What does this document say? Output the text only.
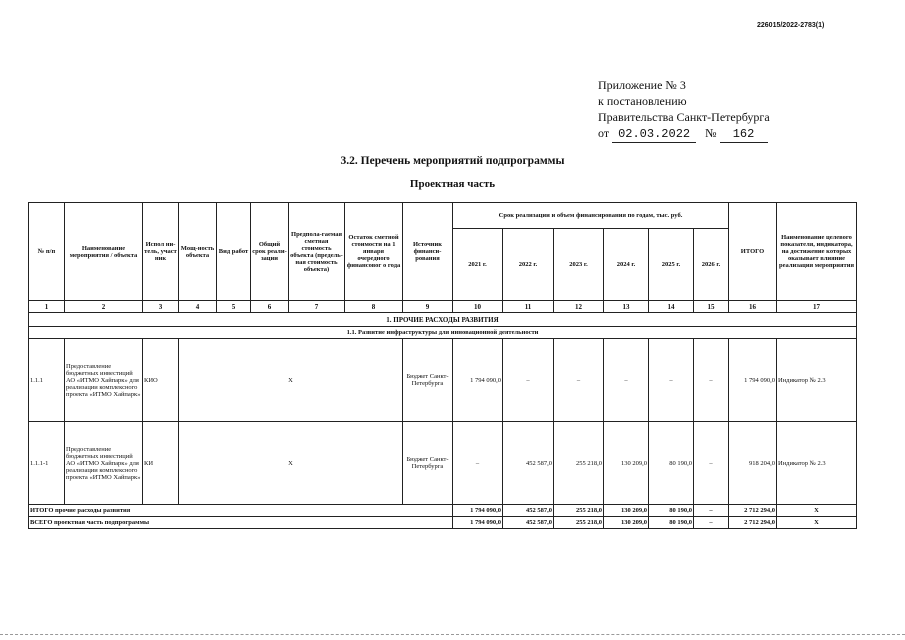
226015/2022-2783(1)
Приложение № 3
к постановлению
Правительства Санкт-Петербурга
от 02.03.2022 № 162
3.2. Перечень мероприятий подпрограммы
Проектная часть
№ п/п	Наименование мероприятия / объекта	Испол ни-тель, участ ник	Мощ-ность объекта	Вид работ	Общий срок реали-зации	Предпола-гаемая сметная стоимость объекта (предель-ная стоимость объекта)	Остаток сметной стоимости на 1 января очередного финансовог о года	Источник финанси-рования	Срок реализации и объем финансирования по годам, тыс. руб.						ИТОГО	Наименование целевого показателя, индикатора, на достижение которых оказывает влияние реализация мероприятия
									2021 г.	2022 г.	2023 г.	2024 г.	2025 г.	2026 г.		
1	2	3	4	5	6	7	8	9	10	11	12	13	14	15	16	17
1. ПРОЧИЕ РАСХОДЫ РАЗВИТИЯ																
1.1. Развитие инфраструктуры для инновационной деятельности																
1.1.1	Предоставление бюджетных инвестиций АО «ИТМО Хайпарк» для реализации комплексного проекта «ИТМО Хайпарк»	КИО	Х					Бюджет Санкт-Петербурга	1 794 090,0	–	–	–	–	–	1 794 090,0	Индикатор № 2.3
1.1.1-1	Предоставление бюджетных инвестиций АО «ИТМО Хайпарк» для реализации комплексного проекта «ИТМО Хайпарк»	КИ	Х					Бюджет Санкт-Петербурга	–	452 587,0	255 218,0	130 209,0	80 190,0	–	918 204,0	Индикатор № 2.3
ИТОГО прочие расходы развития									1 794 090,0	452 587,0	255 218,0	130 209,0	80 190,0	–	2 712 294,0	Х
ВСЕГО проектная часть подпрограммы									1 794 090,0	452 587,0	255 218,0	130 209,0	80 190,0	–	2 712 294,0	Х
